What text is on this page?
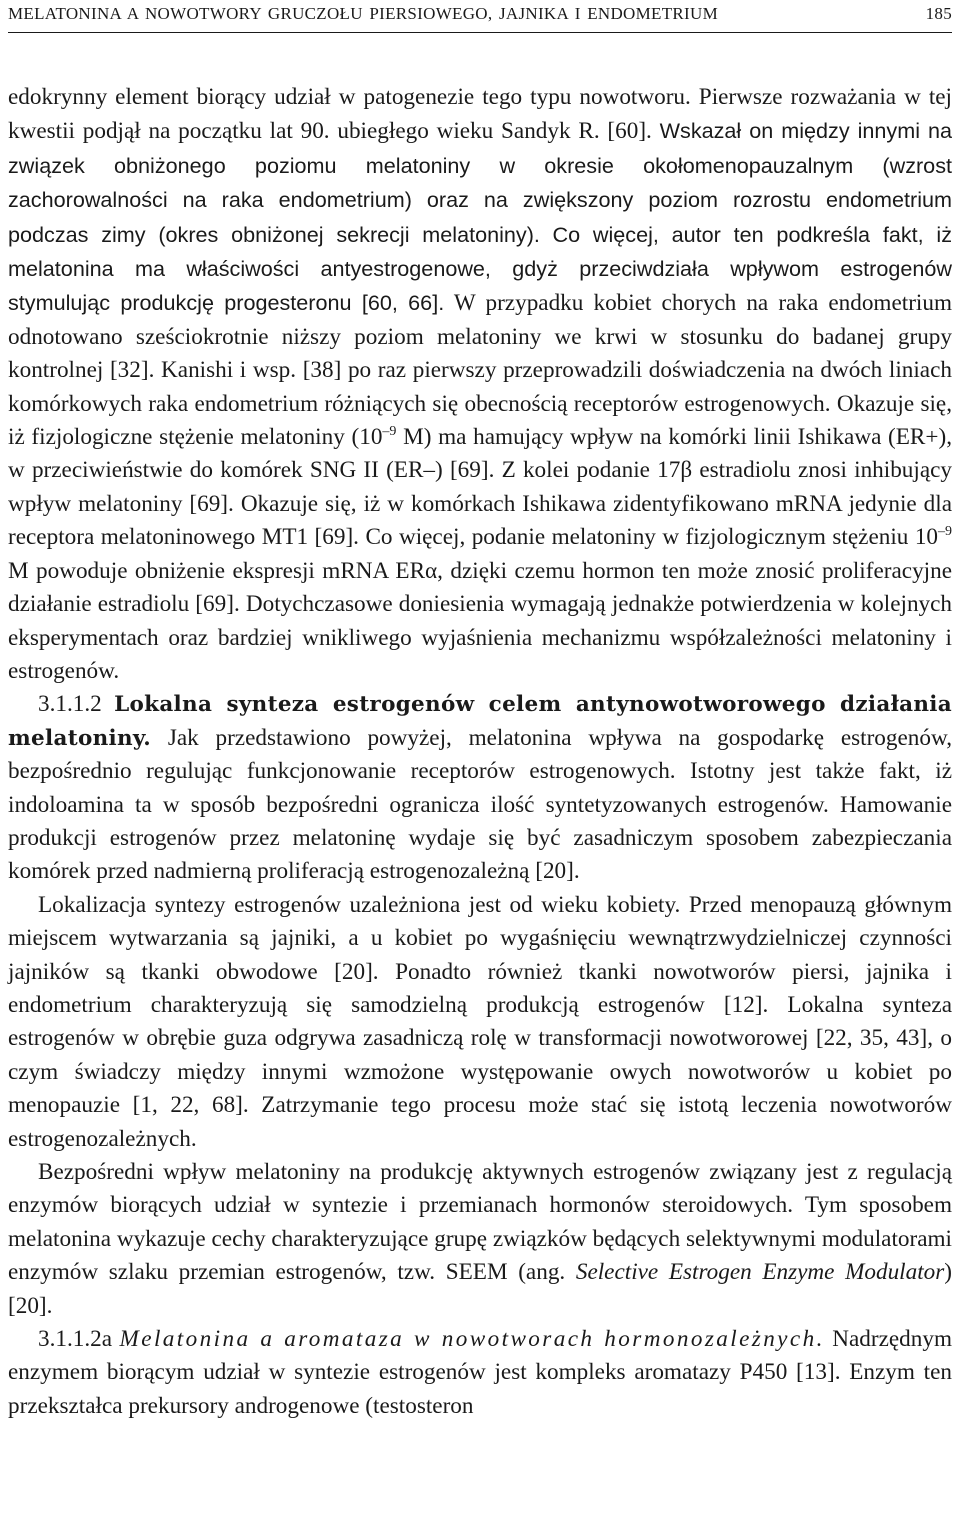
MELATONINA A NOWOTWORY GRUCZOŁU PIERSIOWEGO, JAJNIKA I ENDOMETRIUM	185

edokrynny element biorący udział w patogenezie tego typu nowotworu. Pierwsze rozważania w tej kwestii podjął na początku lat 90. ubiegłego wieku Sandyk R. [60]. Wskazał on między innymi na związek obniżonego poziomu melatoniny w okresie okołomenopauzalnym (wzrost zachorowalności na raka endometrium) oraz na zwiększony poziom rozrostu endometrium podczas zimy (okres obniżonej sekrecji melatoniny). Co więcej, autor ten podkreśla fakt, iż melatonina ma właściwości antyestrogenowe, gdyż przeciwdziała wpływom estrogenów stymulując produkcję progesteronu [60, 66]. W przypadku kobiet chorych na raka endometrium odnotowano sześciokrotnie niższy poziom melatoniny we krwi w stosunku do badanej grupy kontrolnej [32]. Kanishi i wsp. [38] po raz pierwszy przeprowadzili doświadczenia na dwóch liniach komórkowych raka endometrium różniących się obecnością receptorów estrogenowych. Okazuje się, iż fizjologiczne stężenie melatoniny ($10^{-9}$ M) ma hamujący wpływ na komórki linii Ishikawa (ER+), w przeciwieństwie do komórek SNG II (ER–) [69]. Z kolei podanie 17β estradiolu znosi inhibujący wpływ melatoniny [69]. Okazuje się, iż w komórkach Ishikawa zidentyfikowano mRNA jedynie dla receptora melatoninowego MT1 [69]. Co więcej, podanie melatoniny w fizjologicznym stężeniu $10^{-9}$ M powoduje obniżenie ekspresji mRNA ERα, dzięki czemu hormon ten może znosić proliferacyjne działanie estradiolu [69]. Dotychczasowe doniesienia wymagają jednakże potwierdzenia w kolejnych eksperymentach oraz bardziej wnikliwego wyjaśnienia mechanizmu współzależności melatoniny i estrogenów.

3.1.1.2 Lokalna synteza estrogenów celem antynowotworowego działania melatoniny. Jak przedstawiono powyżej, melatonina wpływa na gospodarkę estrogenów, bezpośrednio regulując funkcjonowanie receptorów estrogenowych. Istotny jest także fakt, iż indoloamina ta w sposób bezpośredni ogranicza ilość syntetyzowanych estrogenów. Hamowanie produkcji estrogenów przez melatoninę wydaje się być zasadniczym sposobem zabezpieczania komórek przed nadmierną proliferacją estrogenozależną [20].

Lokalizacja syntezy estrogenów uzależniona jest od wieku kobiety. Przed menopauzą głównym miejscem wytwarzania są jajniki, a u kobiet po wygaśnięciu wewnątrzwydzielniczej czynności jajników są tkanki obwodowe [20]. Ponadto również tkanki nowotworów piersi, jajnika i endometrium charakteryzują się samodzielną produkcją estrogenów [12]. Lokalna synteza estrogenów w obrębie guza odgrywa zasadniczą rolę w transformacji nowotworowej [22, 35, 43], o czym świadczy między innymi wzmożone występowanie owych nowotworów u kobiet po menopauzie [1, 22, 68]. Zatrzymanie tego procesu może stać się istotą leczenia nowotworów estrogenozależnych.

Bezpośredni wpływ melatoniny na produkcję aktywnych estrogenów związany jest z regulacją enzymów biorących udział w syntezie i przemianach hormonów steroidowych. Tym sposobem melatonina wykazuje cechy charakteryzujące grupę związków będących selektywnymi modulatorami enzymów szlaku przemian estrogenów, tzw. SEEM (ang. Selective Estrogen Enzyme Modulator) [20].

3.1.1.2a Melatonina a aromataza w nowotworach hormonozależnych. Nadrzędnym enzymem biorącym udział w syntezie estrogenów jest kompleks aromatazy P450 [13]. Enzym ten przekształca prekursory androgenowe (testosteron
